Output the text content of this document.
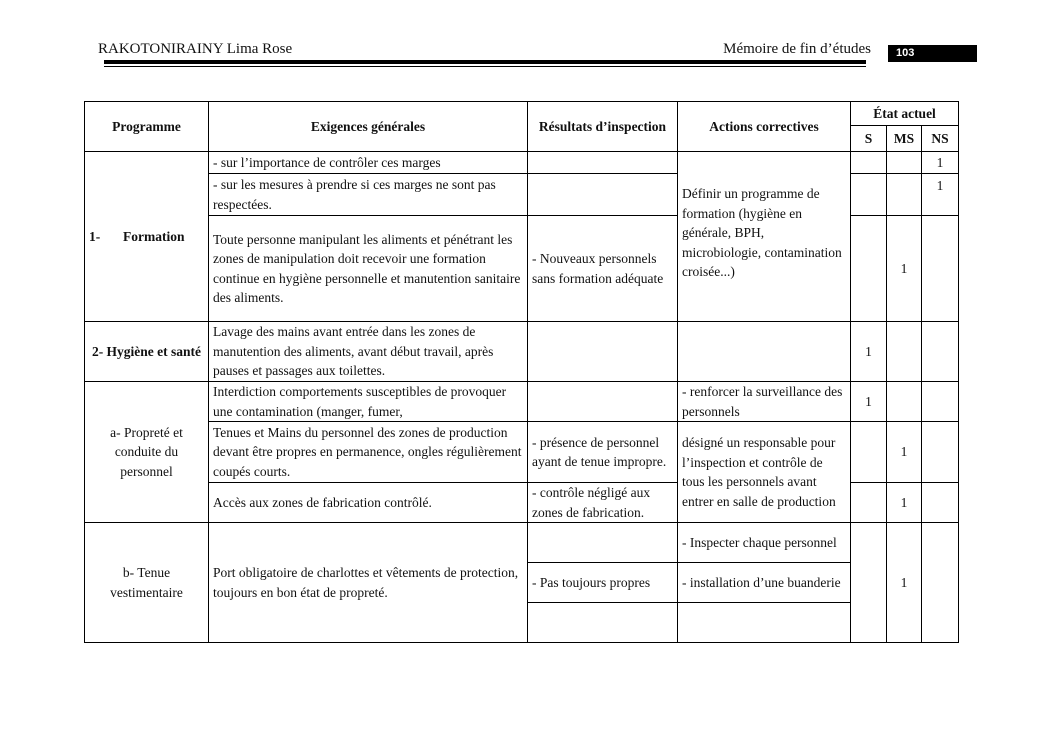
RAKOTONIRAINY Lima Rose	Mémoire de fin d’études	103
Programme	Exigences générales	Résultats d’inspection	Actions correctives	État actuel		
				S	MS	NS
1- Formation	- sur l’importance de contrôler ces marges		Définir un programme de formation (hygiène en générale, BPH, microbiologie, contamination croisée...)			1
	- sur les mesures à prendre si ces marges ne sont pas respectées.					1
	Toute personne manipulant les aliments et pénétrant les zones de manipulation doit recevoir une formation continue en hygiène personnelle et manutention sanitaire des aliments.	- Nouveaux personnels sans formation adéquate			1	
2- Hygiène et santé	Lavage des mains avant entrée dans les zones de manutention des aliments, avant début travail, après pauses et passages aux toilettes.			1		
a- Propreté et conduite du personnel	Interdiction comportements susceptibles de provoquer une contamination (manger, fumer,		- renforcer la surveillance des personnels	1		
	Tenues et Mains du personnel des zones de production devant être propres en permanence, ongles régulièrement coupés courts.	- présence de personnel ayant de tenue impropre.	désigné un responsable pour l’inspection et contrôle de tous les personnels avant entrer en salle de production		1	
	Accès aux zones de fabrication contrôlé.	- contrôle négligé aux zones de fabrication.			1	
b- Tenue vestimentaire	Port obligatoire de charlottes et vêtements de protection, toujours en bon état de propreté.		- Inspecter chaque personnel		1	
		- Pas toujours propres	- installation d’une buanderie			
